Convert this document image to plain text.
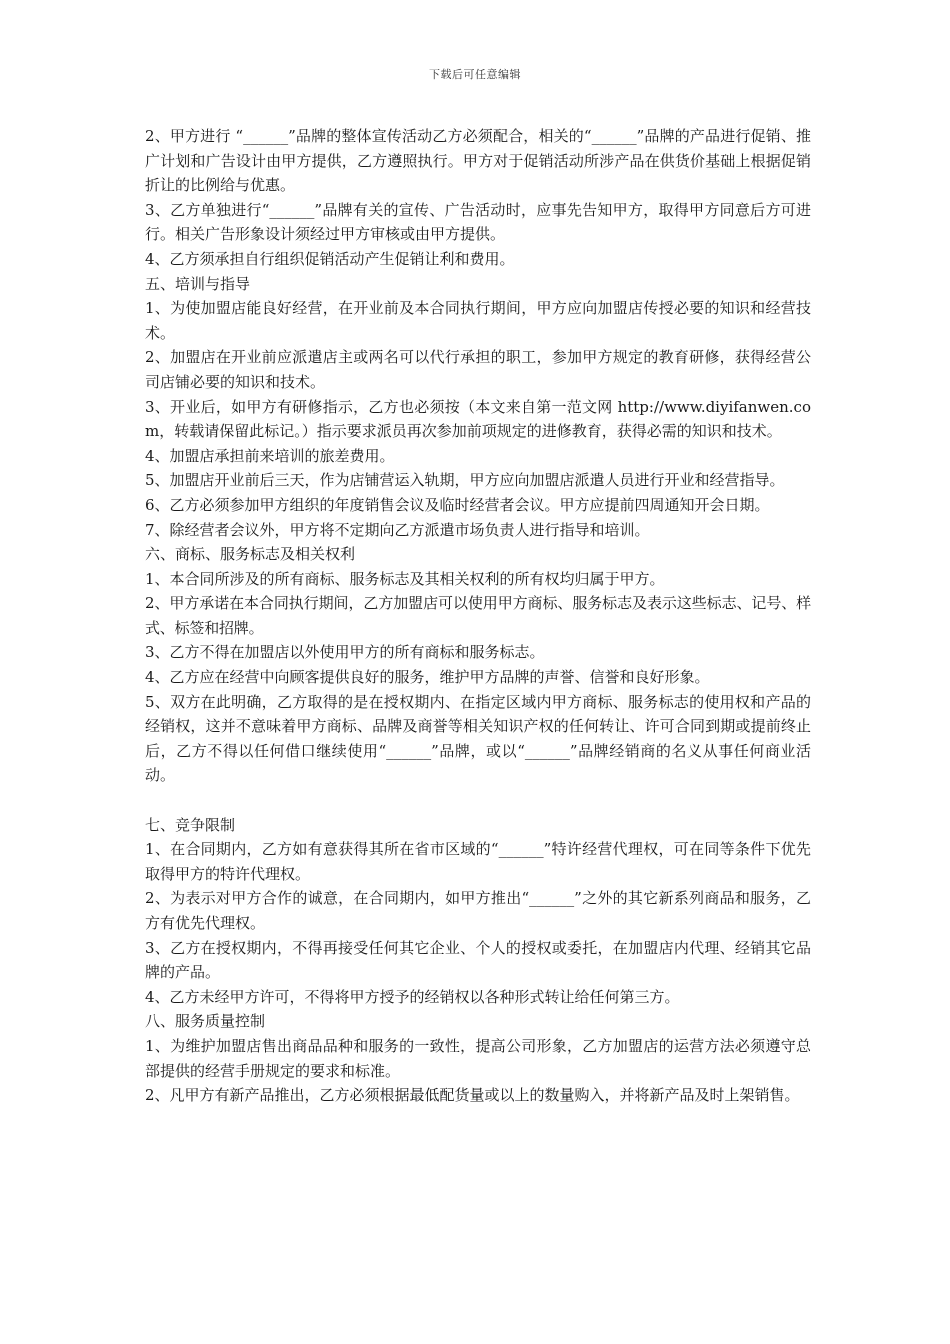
下载后可任意编辑

2、甲方进行 “______”品牌的整体宣传活动乙方必须配合，相关的“______”品牌的产品进行促销、推广计划和广告设计由甲方提供，乙方遵照执行。甲方对于促销活动所涉产品在供货价基础上根据促销折让的比例给与优惠。

3、乙方单独进行“______”品牌有关的宣传、广告活动时，应事先告知甲方，取得甲方同意后方可进行。相关广告形象设计须经过甲方审核或由甲方提供。

4、乙方须承担自行组织促销活动产生促销让利和费用。

五、培训与指导

1、为使加盟店能良好经营，在开业前及本合同执行期间，甲方应向加盟店传授必要的知识和经营技术。

2、加盟店在开业前应派遣店主或两名可以代行承担的职工，参加甲方规定的教育研修，获得经营公司店铺必要的知识和技术。

3、开业后，如甲方有研修指示，乙方也必须按（本文来自第一范文网 http://www.diyifanwen.com，转载请保留此标记。）指示要求派员再次参加前项规定的进修教育，获得必需的知识和技术。

4、加盟店承担前来培训的旅差费用。

5、加盟店开业前后三天，作为店铺营运入轨期，甲方应向加盟店派遣人员进行开业和经营指导。

6、乙方必须参加甲方组织的年度销售会议及临时经营者会议。甲方应提前四周通知开会日期。

7、除经营者会议外，甲方将不定期向乙方派遣市场负责人进行指导和培训。

六、商标、服务标志及相关权利

1、本合同所涉及的所有商标、服务标志及其相关权利的所有权均归属于甲方。

2、甲方承诺在本合同执行期间，乙方加盟店可以使用甲方商标、服务标志及表示这些标志、记号、样式、标签和招牌。

3、乙方不得在加盟店以外使用甲方的所有商标和服务标志。

4、乙方应在经营中向顾客提供良好的服务，维护甲方品牌的声誉、信誉和良好形象。

5、双方在此明确，乙方取得的是在授权期内、在指定区域内甲方商标、服务标志的使用权和产品的经销权，这并不意味着甲方商标、品牌及商誉等相关知识产权的任何转让、许可合同到期或提前终止后，乙方不得以任何借口继续使用“______”品牌，或以“______”品牌经销商的名义从事任何商业活动。

七、竞争限制

1、在合同期内，乙方如有意获得其所在省市区域的“______”特许经营代理权，可在同等条件下优先取得甲方的特许代理权。

2、为表示对甲方合作的诚意，在合同期内，如甲方推出“______”之外的其它新系列商品和服务，乙方有优先代理权。

3、乙方在授权期内，不得再接受任何其它企业、个人的授权或委托，在加盟店内代理、经销其它品牌的产品。

4、乙方未经甲方许可，不得将甲方授予的经销权以各种形式转让给任何第三方。

八、服务质量控制

1、为维护加盟店售出商品品种和服务的一致性，提高公司形象，乙方加盟店的运营方法必须遵守总部提供的经营手册规定的要求和标准。

2、凡甲方有新产品推出，乙方必须根据最低配货量或以上的数量购入，并将新产品及时上架销售。
